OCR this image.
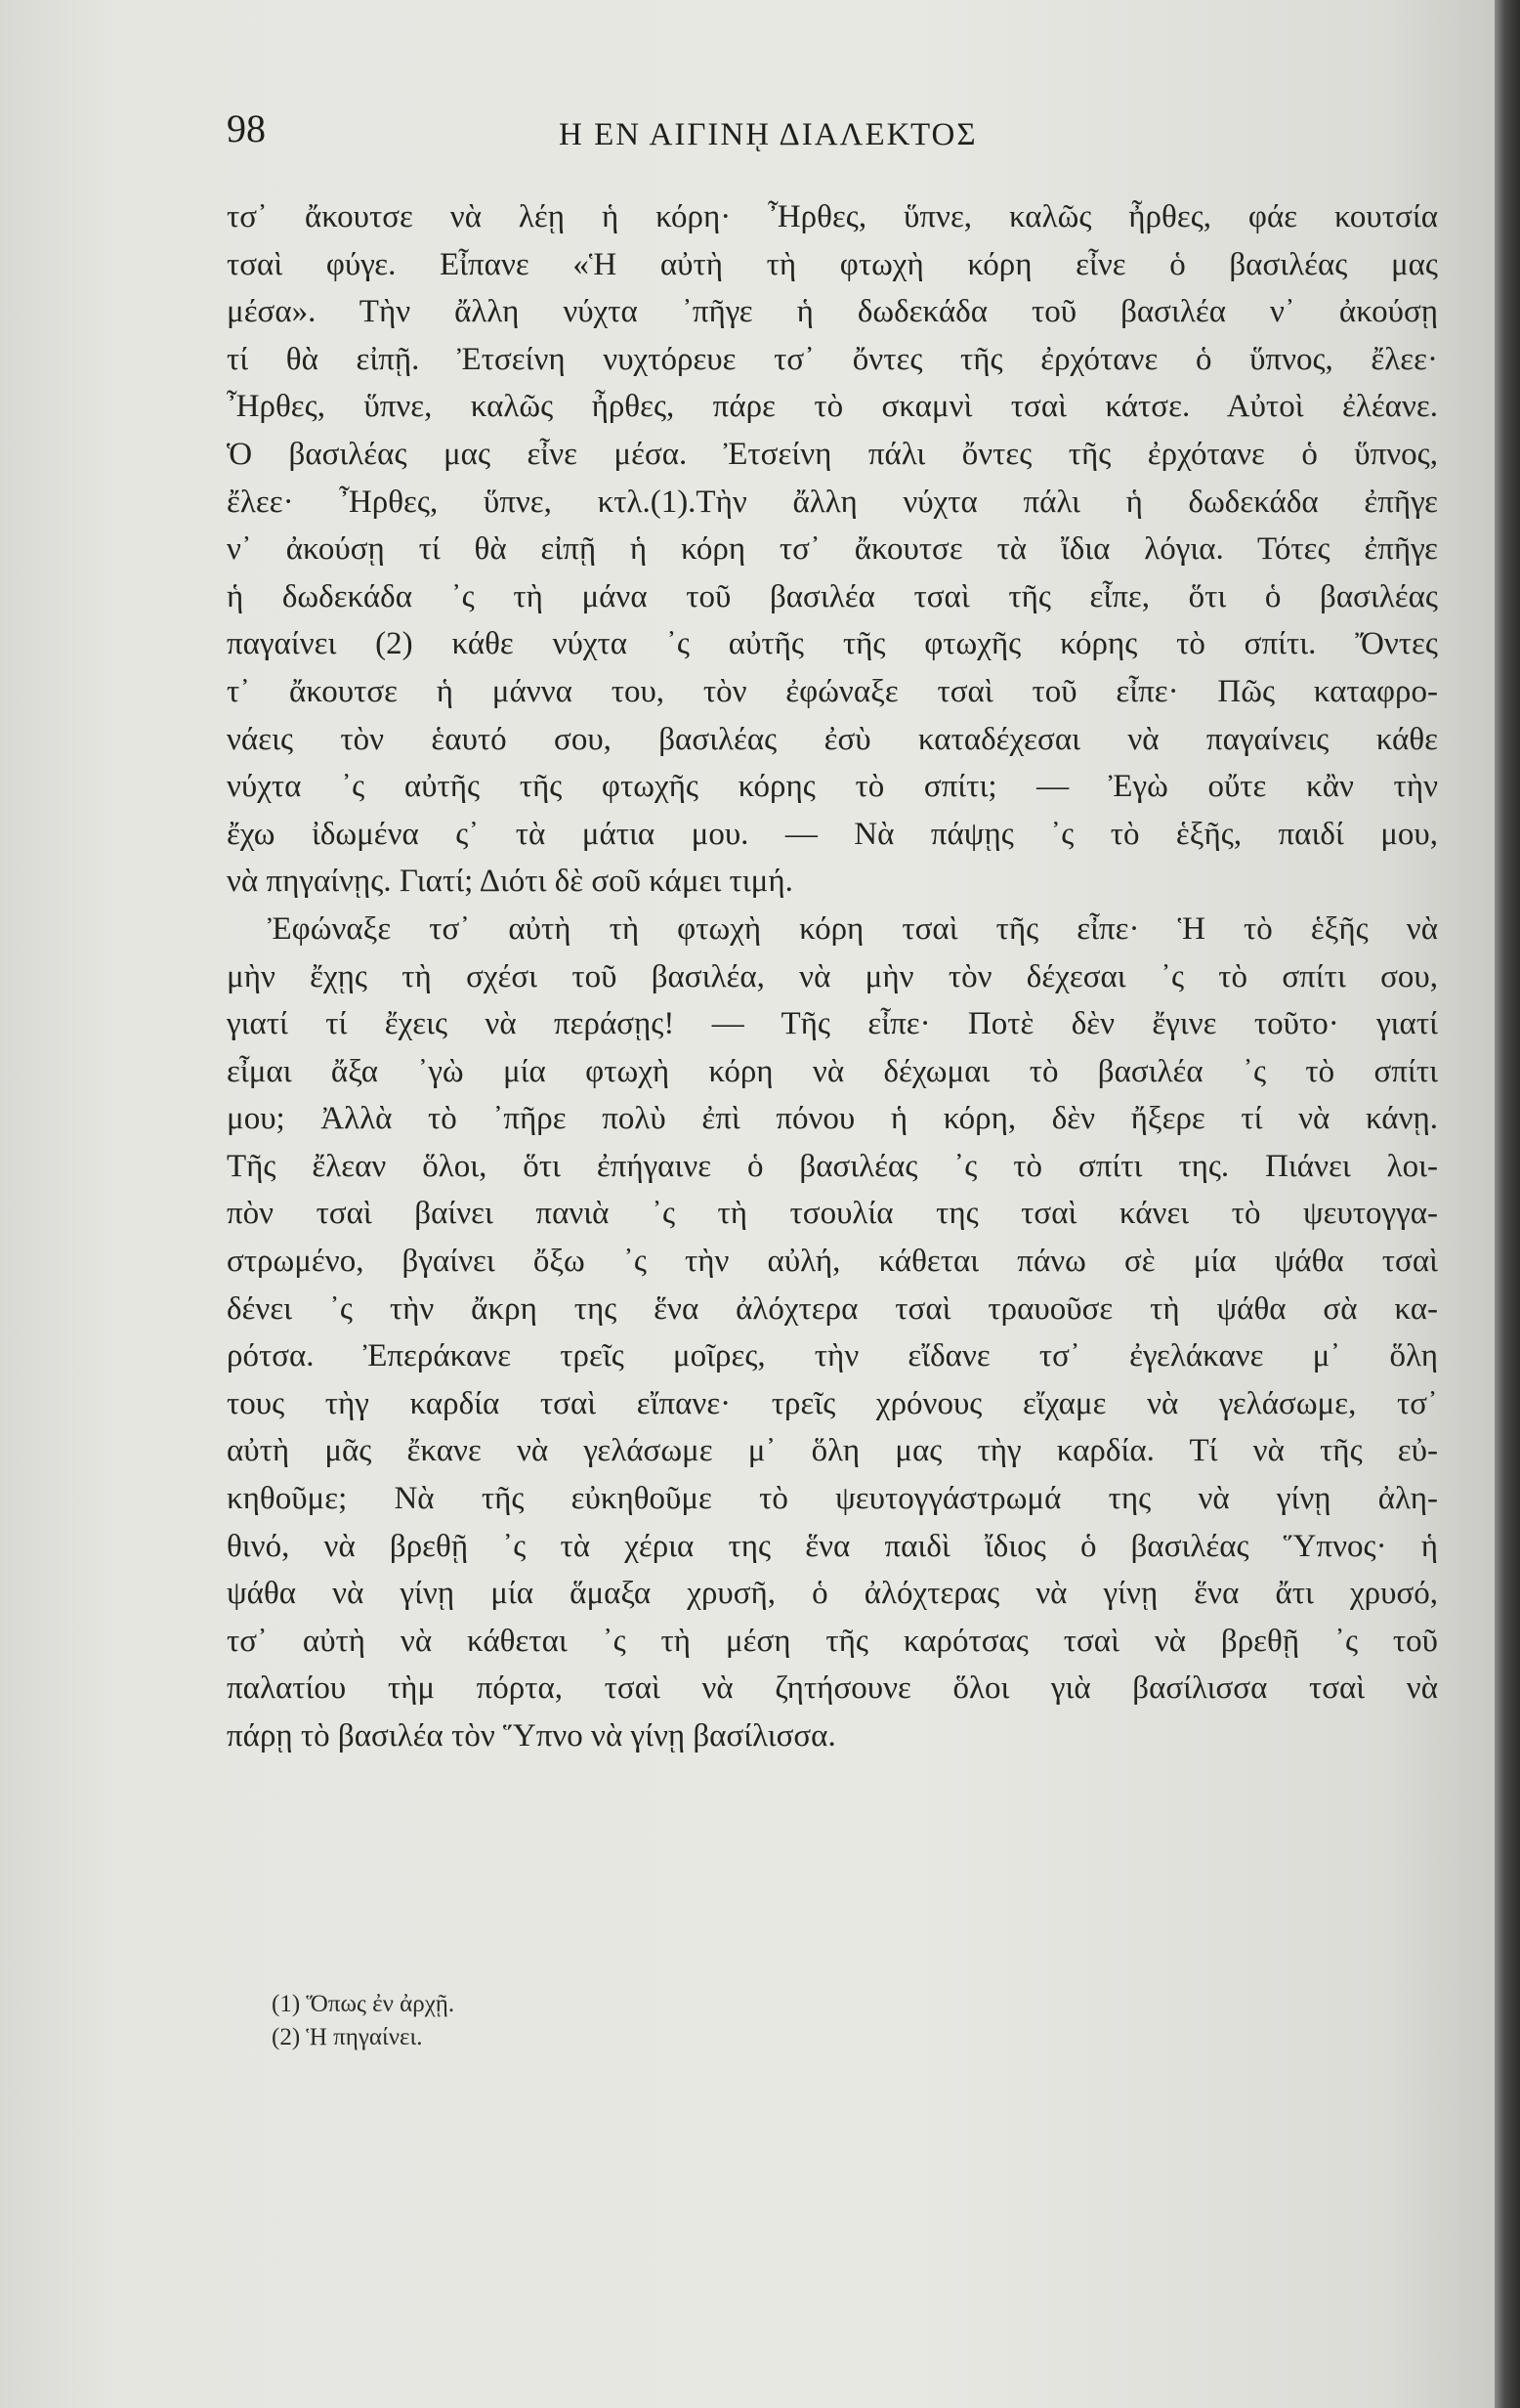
98	Η ΕΝ ΑΙΓΙΝῌ ΔΙΑΛΕΚΤΟΣ
τσ᾽ ἄκουτσε νὰ λέῃ ἡ κόρη· Ἦρθες, ὕπνε, καλῶς ἦρθες, φάε κουτσία
τσαὶ φύγε. Εἶπανε «Ἡ αὐτὴ τὴ φτωχὴ κόρη εἶνε ὁ βασιλέας μας
μέσα». Τὴν ἄλλη νύχτα ᾿πῆγε ἡ δωδεκάδα τοῦ βασιλέα ν᾽ ἀκούσῃ
τί θὰ εἰπῇ. Ἐτσείνη νυχτόρευε τσ᾽ ὄντες τῆς ἐρχότανε ὁ ὕπνος, ἔλεε·
Ἦρθες, ὕπνε, καλῶς ἦρθες, πάρε τὸ σκαμνὶ τσαὶ κάτσε. Αὐτοὶ ἐλέανε.
Ὁ βασιλέας μας εἶνε μέσα. Ἐτσείνη πάλι ὄντες τῆς ἐρχότανε ὁ ὕπνος,
ἔλεε· Ἦρθες, ὕπνε, κτλ.(1).Τὴν ἄλλη νύχτα πάλι ἡ δωδεκάδα ἐπῆγε
ν᾽ ἀκούσῃ τί θὰ εἰπῇ ἡ κόρη τσ᾽ ἄκουτσε τὰ ἴδια λόγια. Τότες ἐπῆγε
ἡ δωδεκάδα ᾿ς τὴ μάνα τοῦ βασιλέα τσαὶ τῆς εἶπε, ὅτι ὁ βασιλέας
παγαίνει (2) κάθε νύχτα ᾿ς αὐτῆς τῆς φτωχῆς κόρης τὸ σπίτι. Ὄντες
τ᾽ ἄκουτσε ἡ μάννα του, τὸν ἐφώναξε τσαὶ τοῦ εἶπε· Πῶς καταφρο-
νάεις τὸν ἑαυτό σου, βασιλέας ἐσὺ καταδέχεσαι νὰ παγαίνεις κάθε
νύχτα ᾿ς αὐτῆς τῆς φτωχῆς κόρης τὸ σπίτι; — Ἐγὼ οὔτε κἂν τὴν
ἔχω ἰδωμένα ς᾽ τὰ μάτια μου. — Νὰ πάψῃς ᾿ς τὸ ἑξῆς, παιδί μου,
νὰ πηγαίνῃς. Γιατί; Διότι δὲ σοῦ κάμει τιμή.
Ἐφώναξε τσ᾽ αὐτὴ τὴ φτωχὴ κόρη τσαὶ τῆς εἶπε· Ἡ τὸ ἑξῆς νὰ
μὴν ἔχῃς τὴ σχέσι τοῦ βασιλέα, νὰ μὴν τὸν δέχεσαι ᾿ς τὸ σπίτι σου,
γιατί τί ἔχεις νὰ περάσῃς! — Τῆς εἶπε· Ποτὲ δὲν ἔγινε τοῦτο· γιατί
εἶμαι ἄξα ᾿γὼ μία φτωχὴ κόρη νὰ δέχωμαι τὸ βασιλέα ᾿ς τὸ σπίτι
μου; Ἀλλὰ τὸ ᾿πῆρε πολὺ ἐπὶ πόνου ἡ κόρη, δὲν ἤξερε τί νὰ κάνῃ.
Τῆς ἔλεαν ὅλοι, ὅτι ἐπήγαινε ὁ βασιλέας ᾿ς τὸ σπίτι της. Πιάνει λοι-
πὸν τσαὶ βαίνει πανιὰ ᾿ς τὴ τσουλία της τσαὶ κάνει τὸ ψευτογγα-
στρωμένο, βγαίνει ὄξω ᾿ς τὴν αὐλή, κάθεται πάνω σὲ μία ψάθα τσαὶ
δένει ᾿ς τὴν ἄκρη της ἕνα ἀλόχτερα τσαὶ τραυοῦσε τὴ ψάθα σὰ κα-
ρότσα. Ἐπεράκανε τρεῖς μοῖρες, τὴν εἴδανε τσ᾽ ἐγελάκανε μ᾽ ὅλη
τους τὴγ καρδία τσαὶ εἴπανε· τρεῖς χρόνους εἴχαμε νὰ γελάσωμε, τσ᾽
αὐτὴ μᾶς ἔκανε νὰ γελάσωμε μ᾽ ὅλη μας τὴγ καρδία. Τί νὰ τῆς εὐ-
κηθοῦμε; Νὰ τῆς εὐκηθοῦμε τὸ ψευτογγάστρωμά της νὰ γίνῃ ἀλη-
θινό, νὰ βρεθῇ ᾿ς τὰ χέρια της ἕνα παιδὶ ἴδιος ὁ βασιλέας Ὕπνος· ἡ
ψάθα νὰ γίνῃ μία ἅμαξα χρυσῆ, ὁ ἀλόχτερας νὰ γίνῃ ἕνα ἄτι χρυσό,
τσ᾽ αὐτὴ νὰ κάθεται ᾿ς τὴ μέση τῆς καρότσας τσαὶ νὰ βρεθῇ ᾿ς τοῦ
παλατίου τὴμ πόρτα, τσαὶ νὰ ζητήσουνε ὅλοι γιὰ βασίλισσα τσαὶ νὰ
πάρῃ τὸ βασιλέα τὸν Ὕπνο νὰ γίνῃ βασίλισσα.
(1) Ὅπως ἐν ἀρχῇ.
(2) Ἡ πηγαίνει.
